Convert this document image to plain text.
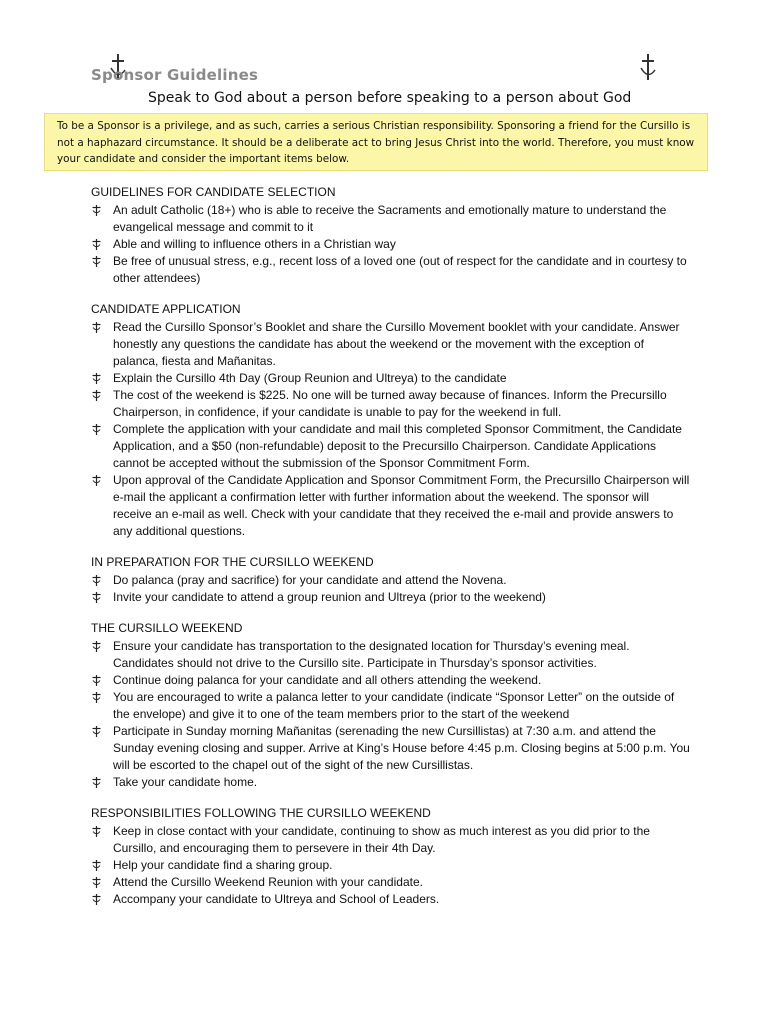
Sponsor Guidelines
Speak to God about a person before speaking to a person about God
To be a Sponsor is a privilege, and as such, carries a serious Christian responsibility. Sponsoring a friend for the Cursillo is not a haphazard circumstance. It should be a deliberate act to bring Jesus Christ into the world. Therefore, you must know your candidate and consider the important items below.
GUIDELINES FOR CANDIDATE SELECTION
An adult Catholic (18+) who is able to receive the Sacraments and emotionally mature to understand the evangelical message and commit to it
Able and willing to influence others in a Christian way
Be free of unusual stress, e.g., recent loss of a loved one (out of respect for the candidate and in courtesy to other attendees)
CANDIDATE APPLICATION
Read the Cursillo Sponsor’s Booklet and share the Cursillo Movement booklet with your candidate. Answer honestly any questions the candidate has about the weekend or the movement with the exception of palanca, fiesta and Mañanitas.
Explain the Cursillo 4th Day (Group Reunion and Ultreya) to the candidate
The cost of the weekend is $225. No one will be turned away because of finances. Inform the Precursillo Chairperson, in confidence, if your candidate is unable to pay for the weekend in full.
Complete the application with your candidate and mail this completed Sponsor Commitment, the Candidate Application, and a $50 (non-refundable) deposit to the Precursillo Chairperson. Candidate Applications cannot be accepted without the submission of the Sponsor Commitment Form.
Upon approval of the Candidate Application and Sponsor Commitment Form, the Precursillo Chairperson will e-mail the applicant a confirmation letter with further information about the weekend. The sponsor will receive an e-mail as well. Check with your candidate that they received the e-mail and provide answers to any additional questions.
IN PREPARATION FOR THE CURSILLO WEEKEND
Do palanca (pray and sacrifice) for your candidate and attend the Novena.
Invite your candidate to attend a group reunion and Ultreya (prior to the weekend)
THE CURSILLO WEEKEND
Ensure your candidate has transportation to the designated location for Thursday’s evening meal. Candidates should not drive to the Cursillo site. Participate in Thursday’s sponsor activities.
Continue doing palanca for your candidate and all others attending the weekend.
You are encouraged to write a palanca letter to your candidate (indicate “Sponsor Letter” on the outside of the envelope) and give it to one of the team members prior to the start of the weekend
Participate in Sunday morning Mañanitas (serenading the new Cursillistas) at 7:30 a.m. and attend the Sunday evening closing and supper. Arrive at King’s House before 4:45 p.m. Closing begins at 5:00 p.m. You will be escorted to the chapel out of the sight of the new Cursillistas.
Take your candidate home.
RESPONSIBILITIES FOLLOWING THE CURSILLO WEEKEND
Keep in close contact with your candidate, continuing to show as much interest as you did prior to the Cursillo, and encouraging them to persevere in their 4th Day.
Help your candidate find a sharing group.
Attend the Cursillo Weekend Reunion with your candidate.
Accompany your candidate to Ultreya and School of Leaders.
